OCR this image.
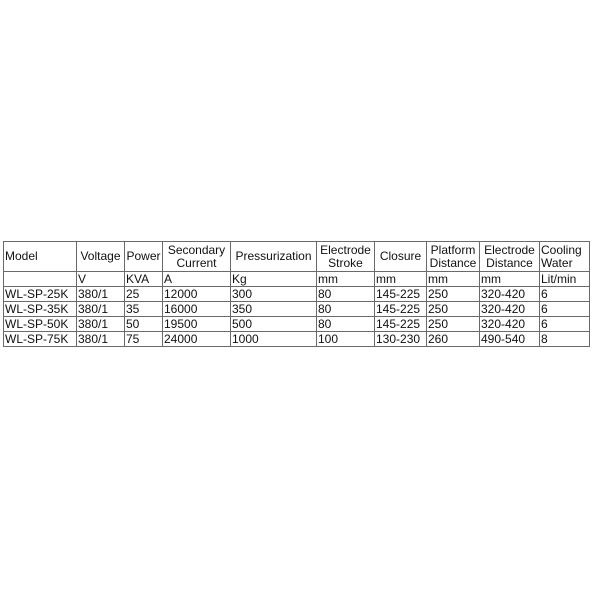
Model	Voltage	Power	Secondary Current	Pressurization	Electrode Stroke	Closure	Platform Distance	Electrode Distance	Cooling Water
	V	KVA	A	Kg	mm	mm	mm	mm	Lit/min
WL-SP-25K	380/1	25	12000	300	80	145-225	250	320-420	6
WL-SP-35K	380/1	35	16000	350	80	145-225	250	320-420	6
WL-SP-50K	380/1	50	19500	500	80	145-225	250	320-420	6
WL-SP-75K	380/1	75	24000	1000	100	130-230	260	490-540	8
